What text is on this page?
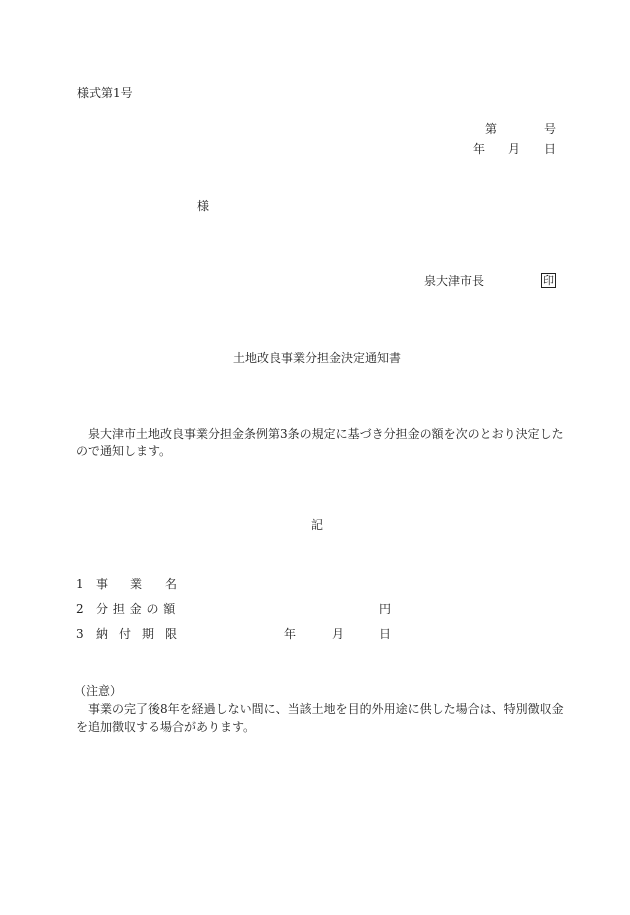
様式第1号
第	号
年 月 日
様
泉大津市長	印
土地改良事業分担金決定通知書
泉大津市土地改良事業分担金条例第3条の規定に基づき分担金の額を次のとおり決定した
ので通知します。
記
1 事 業 名
2 分 担 金 の 額	円
3 納 付 期 限	年	月	日
（注意）
事業の完了後8年を経過しない間に、当該土地を目的外用途に供した場合は、特別徴収金
を追加徴収する場合があります。
